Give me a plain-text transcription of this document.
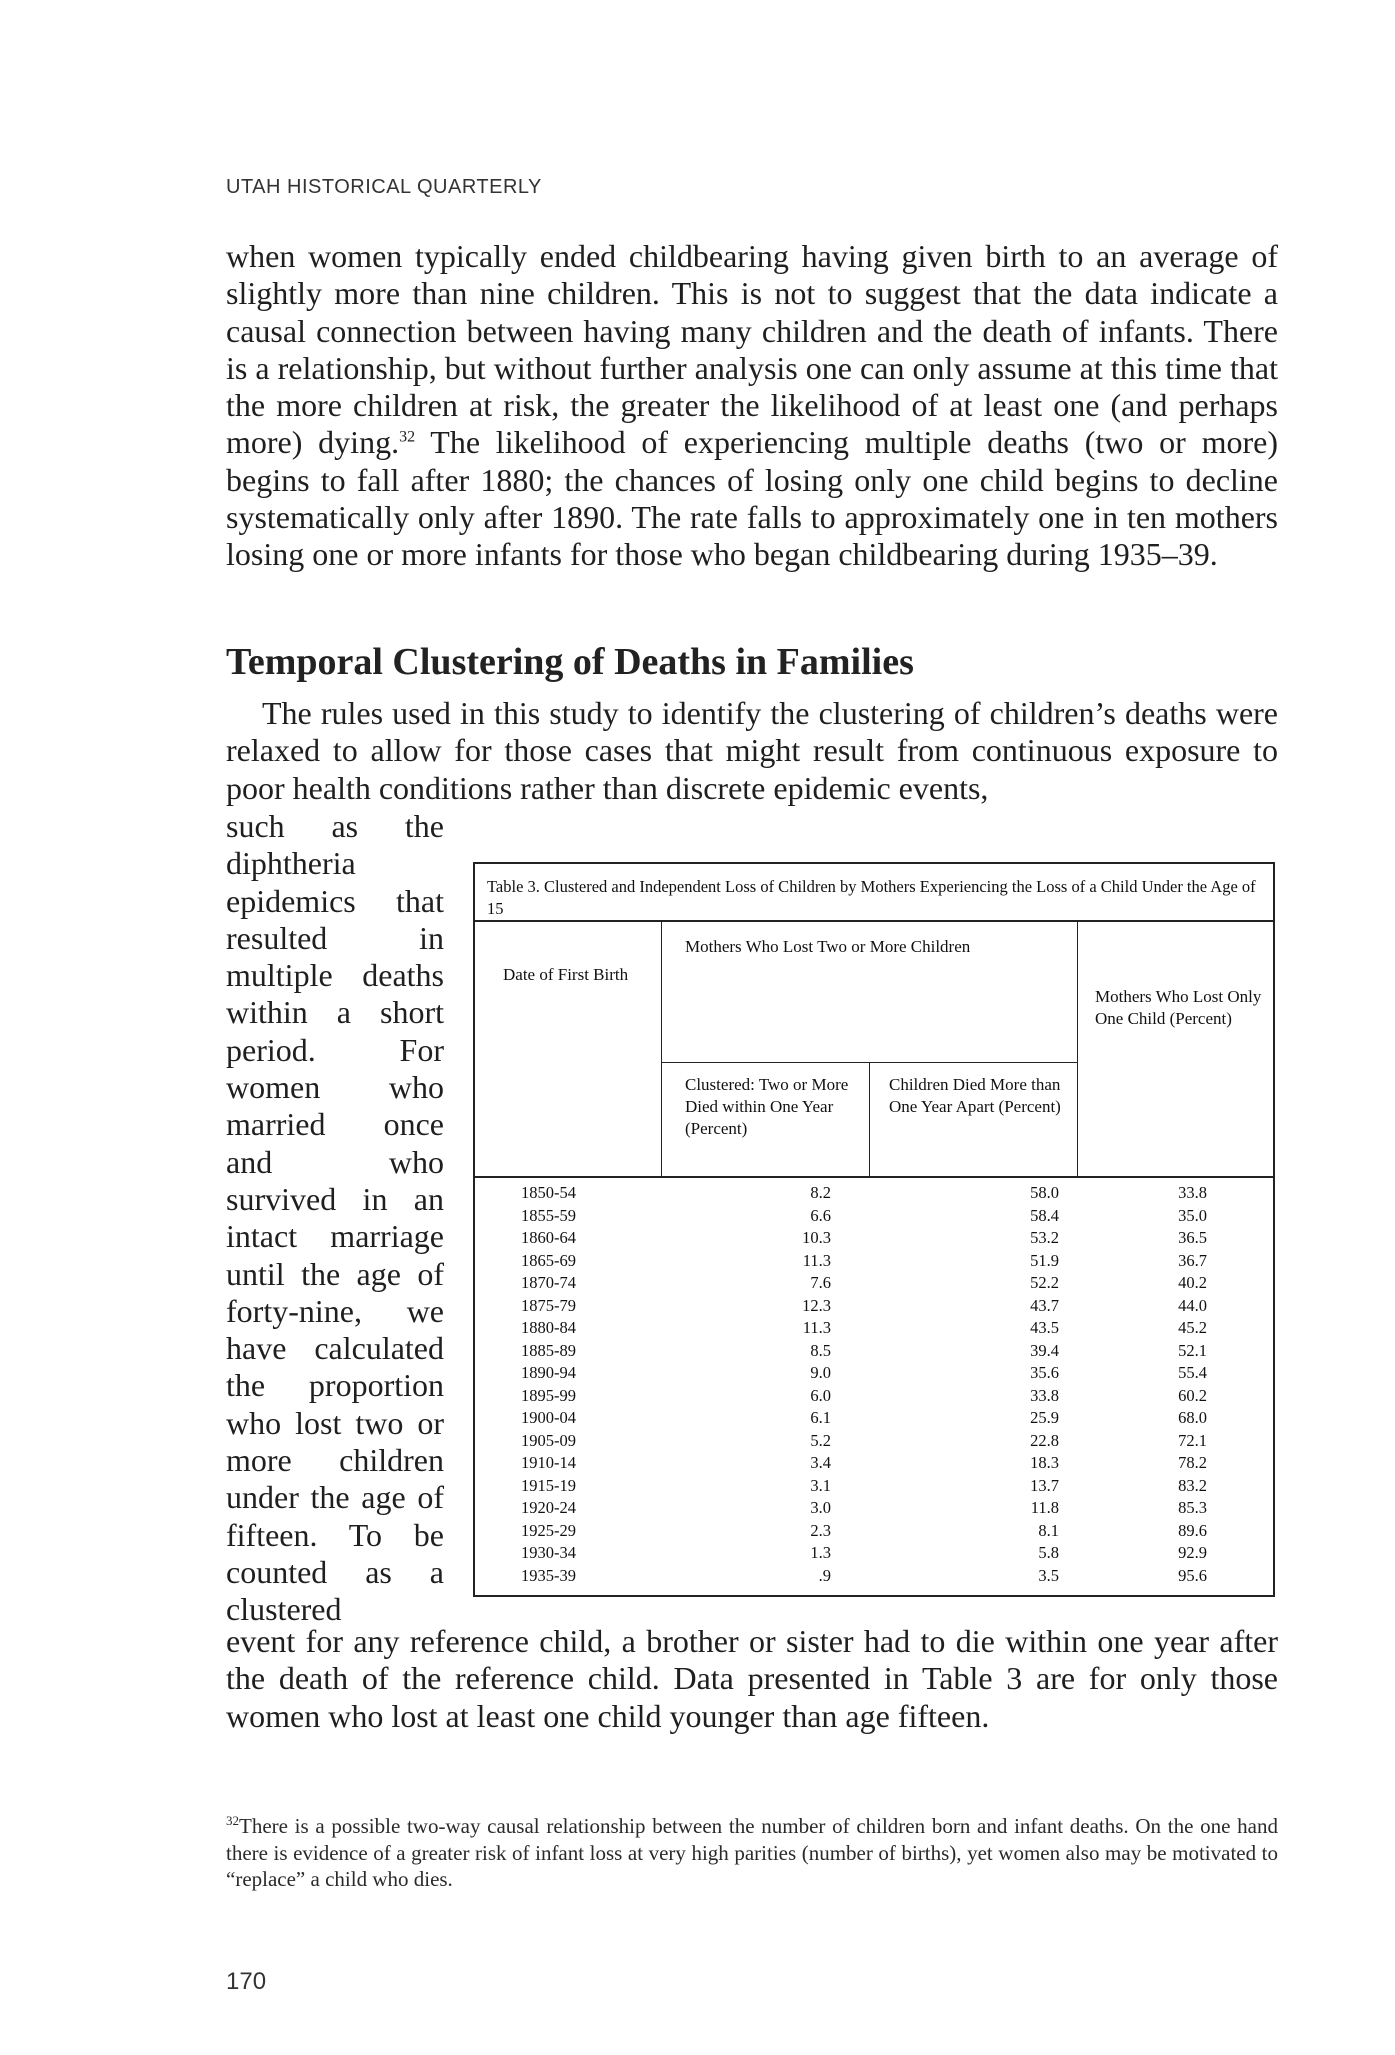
UTAH HISTORICAL QUARTERLY

when women typically ended childbearing having given birth to an average of slightly more than nine children. This is not to suggest that the data indicate a causal connection between having many children and the death of infants. There is a relationship, but without further analysis one can only assume at this time that the more children at risk, the greater the likelihood of at least one (and perhaps more) dying.$^{32}$ The likelihood of experiencing multiple deaths (two or more) begins to fall after 1880; the chances of losing only one child begins to decline systematically only after 1890. The rate falls to approximately one in ten mothers losing one or more infants for those who began childbearing during 1935–39.

Temporal Clustering of Deaths in Families

The rules used in this study to identify the clustering of children’s deaths were relaxed to allow for those cases that might result from continuous exposure to poor health conditions rather than discrete epidemic events,

such as the diphtheria epidemics that resulted in multiple deaths within a short period. For women who married once and who survived in an intact marriage until the age of forty-nine, we have calculated the proportion who lost two or more children under the age of fifteen. To be counted as a clustered

Table 3. Clustered and Independent Loss of Children by Mothers Experiencing the Loss of a Child Under the Age of 15
Date of First Birth
Mothers Who Lost Two or More Children
Clustered: Two or More Died within One Year (Percent)
Children Died More than One Year Apart (Percent)
Mothers Who Lost Only One Child (Percent)
1850-54
1855-59
1860-64
1865-69
1870-74
1875-79
1880-84
1885-89
1890-94
1895-99
1900-04
1905-09
1910-14
1915-19
1920-24
1925-29
1930-34
1935-39
8.2
6.6
10.3
11.3
7.6
12.3
11.3
8.5
9.0
6.0
6.1
5.2
3.4
3.1
3.0
2.3
1.3
.9
58.0
58.4
53.2
51.9
52.2
43.7
43.5
39.4
35.6
33.8
25.9
22.8
18.3
13.7
11.8
8.1
5.8
3.5
33.8
35.0
36.5
36.7
40.2
44.0
45.2
52.1
55.4
60.2
68.0
72.1
78.2
83.2
85.3
89.6
92.9
95.6

event for any reference child, a brother or sister had to die within one year after the death of the reference child. Data presented in Table 3 are for only those women who lost at least one child younger than age fifteen.

$^{32}$There is a possible two-way causal relationship between the number of children born and infant deaths. On the one hand there is evidence of a greater risk of infant loss at very high parities (number of births), yet women also may be motivated to “replace” a child who dies.

170
